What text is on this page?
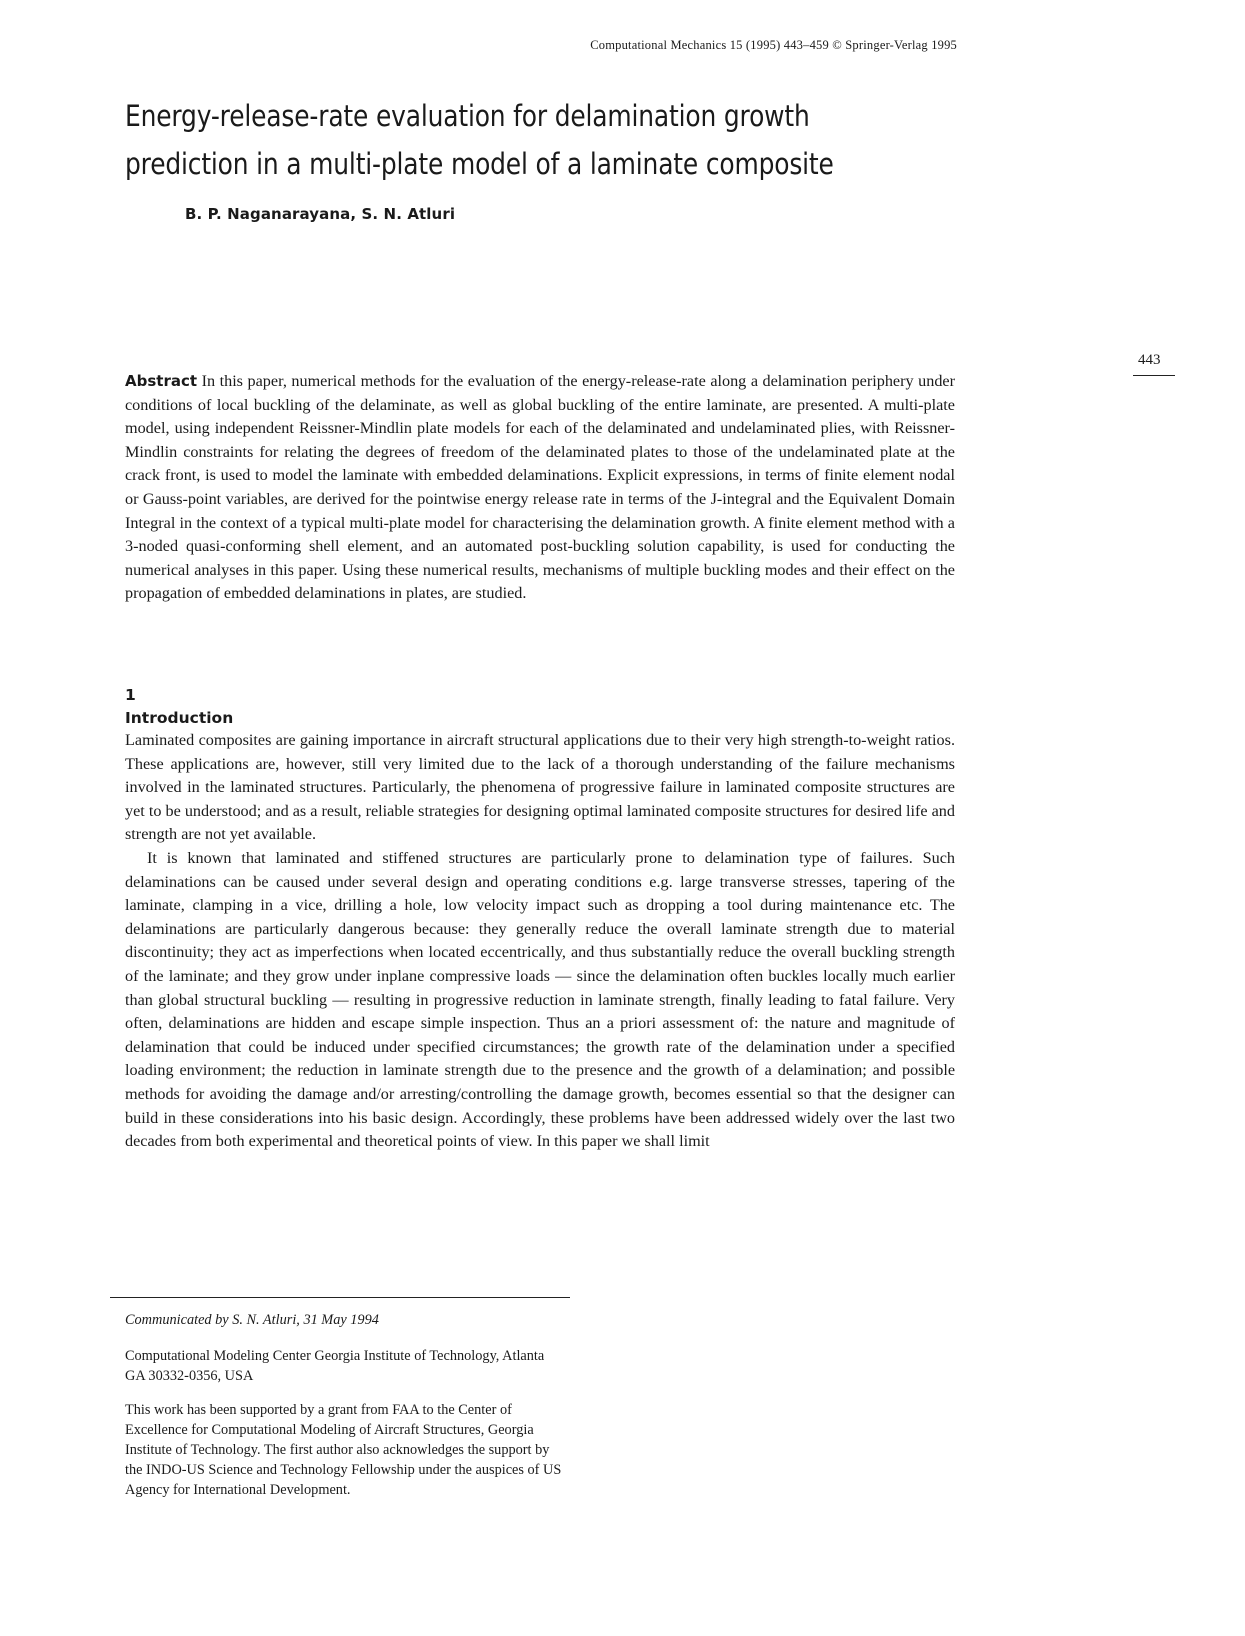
Computational Mechanics 15 (1995) 443–459 © Springer-Verlag 1995
Energy-release-rate evaluation for delamination growth prediction in a multi-plate model of a laminate composite
B. P. Naganarayana, S. N. Atluri
443
Abstract In this paper, numerical methods for the evaluation of the energy-release-rate along a delamination periphery under conditions of local buckling of the delaminate, as well as global buckling of the entire laminate, are presented. A multi-plate model, using independent Reissner-Mindlin plate models for each of the delaminated and undelaminated plies, with Reissner-Mindlin constraints for relating the degrees of freedom of the delaminated plates to those of the undelaminated plate at the crack front, is used to model the laminate with embedded delaminations. Explicit expressions, in terms of finite element nodal or Gauss-point variables, are derived for the pointwise energy release rate in terms of the J-integral and the Equivalent Domain Integral in the context of a typical multi-plate model for characterising the delamination growth. A finite element method with a 3-noded quasi-conforming shell element, and an automated post-buckling solution capability, is used for conducting the numerical analyses in this paper. Using these numerical results, mechanisms of multiple buckling modes and their effect on the propagation of embedded delaminations in plates, are studied.
1
Introduction

Laminated composites are gaining importance in aircraft structural applications due to their very high strength-to-weight ratios. These applications are, however, still very limited due to the lack of a thorough understanding of the failure mechanisms involved in the laminated structures. Particularly, the phenomena of progressive failure in laminated composite structures are yet to be understood; and as a result, reliable strategies for designing optimal laminated composite structures for desired life and strength are not yet available.

It is known that laminated and stiffened structures are particularly prone to delamination type of failures. Such delaminations can be caused under several design and operating conditions e.g. large transverse stresses, tapering of the laminate, clamping in a vice, drilling a hole, low velocity impact such as dropping a tool during maintenance etc. The delaminations are particularly dangerous because: they generally reduce the overall laminate strength due to material discontinuity; they act as imperfections when located eccentrically, and thus substantially reduce the overall buckling strength of the laminate; and they grow under inplane compressive loads — since the delamination often buckles locally much earlier than global structural buckling — resulting in progressive reduction in laminate strength, finally leading to fatal failure. Very often, delaminations are hidden and escape simple inspection. Thus an a priori assessment of: the nature and magnitude of delamination that could be induced under specified circumstances; the growth rate of the delamination under a specified loading environment; the reduction in laminate strength due to the presence and the growth of a delamination; and possible methods for avoiding the damage and/or arresting/controlling the damage growth, becomes essential so that the designer can build in these considerations into his basic design. Accordingly, these problems have been addressed widely over the last two decades from both experimental and theoretical points of view. In this paper we shall limit

Communicated by S. N. Atluri, 31 May 1994

Computational Modeling Center Georgia Institute of Technology, Atlanta GA 30332-0356, USA

This work has been supported by a grant from FAA to the Center of Excellence for Computational Modeling of Aircraft Structures, Georgia Institute of Technology. The first author also acknowledges the support by the INDO-US Science and Technology Fellowship under the auspices of US Agency for International Development.
